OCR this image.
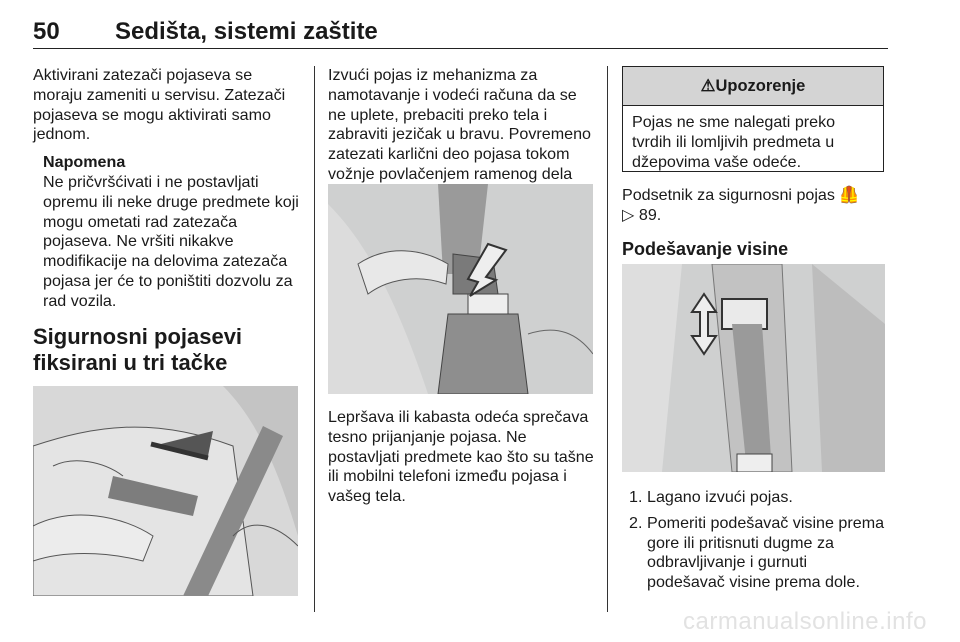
50 Sedišta, sistemi zaštite

Aktivirani zatezači pojaseva se moraju zameniti u servisu. Zatezači pojaseva se mogu aktivirati samo jednom.

Napomena

Ne pričvršćivati i ne postavljati opremu ili neke druge predmete koji mogu ometati rad zatezača pojaseva. Ne vršiti nikakve modifikacije na delovima zatezača pojasa jer će to poništiti dozvolu za rad vozila.

Sigurnosni pojasevi fiksirani u tri tačke

Izvući pojas iz mehanizma za namotavanje i vodeći računa da se ne uplete, prebaciti preko tela i zabraviti jezičak u bravu. Povremeno zatezati karlični deo pojasa tokom vožnje povlačenjem ramenog dela

Lepršava ili kabasta odeća sprečava tesno prijanjanje pojasa. Ne postavljati predmete kao što su tašne ili mobilni telefoni između pojasa i vašeg tela.

⚠Upozorenje
Pojas ne sme nalegati preko tvrdih ili lomljivih predmeta u džepovima vaše odeće.

Podsetnik za sigurnosni pojas 🦺
▷ 89.

Podešavanje visine
1. Lagano izvući pojas.
2. Pomeriti podešavač visine prema gore ili pritisnuti dugme za odbravljivanje i gurnuti podešavač visine prema dole.
carmanualsonline.info
